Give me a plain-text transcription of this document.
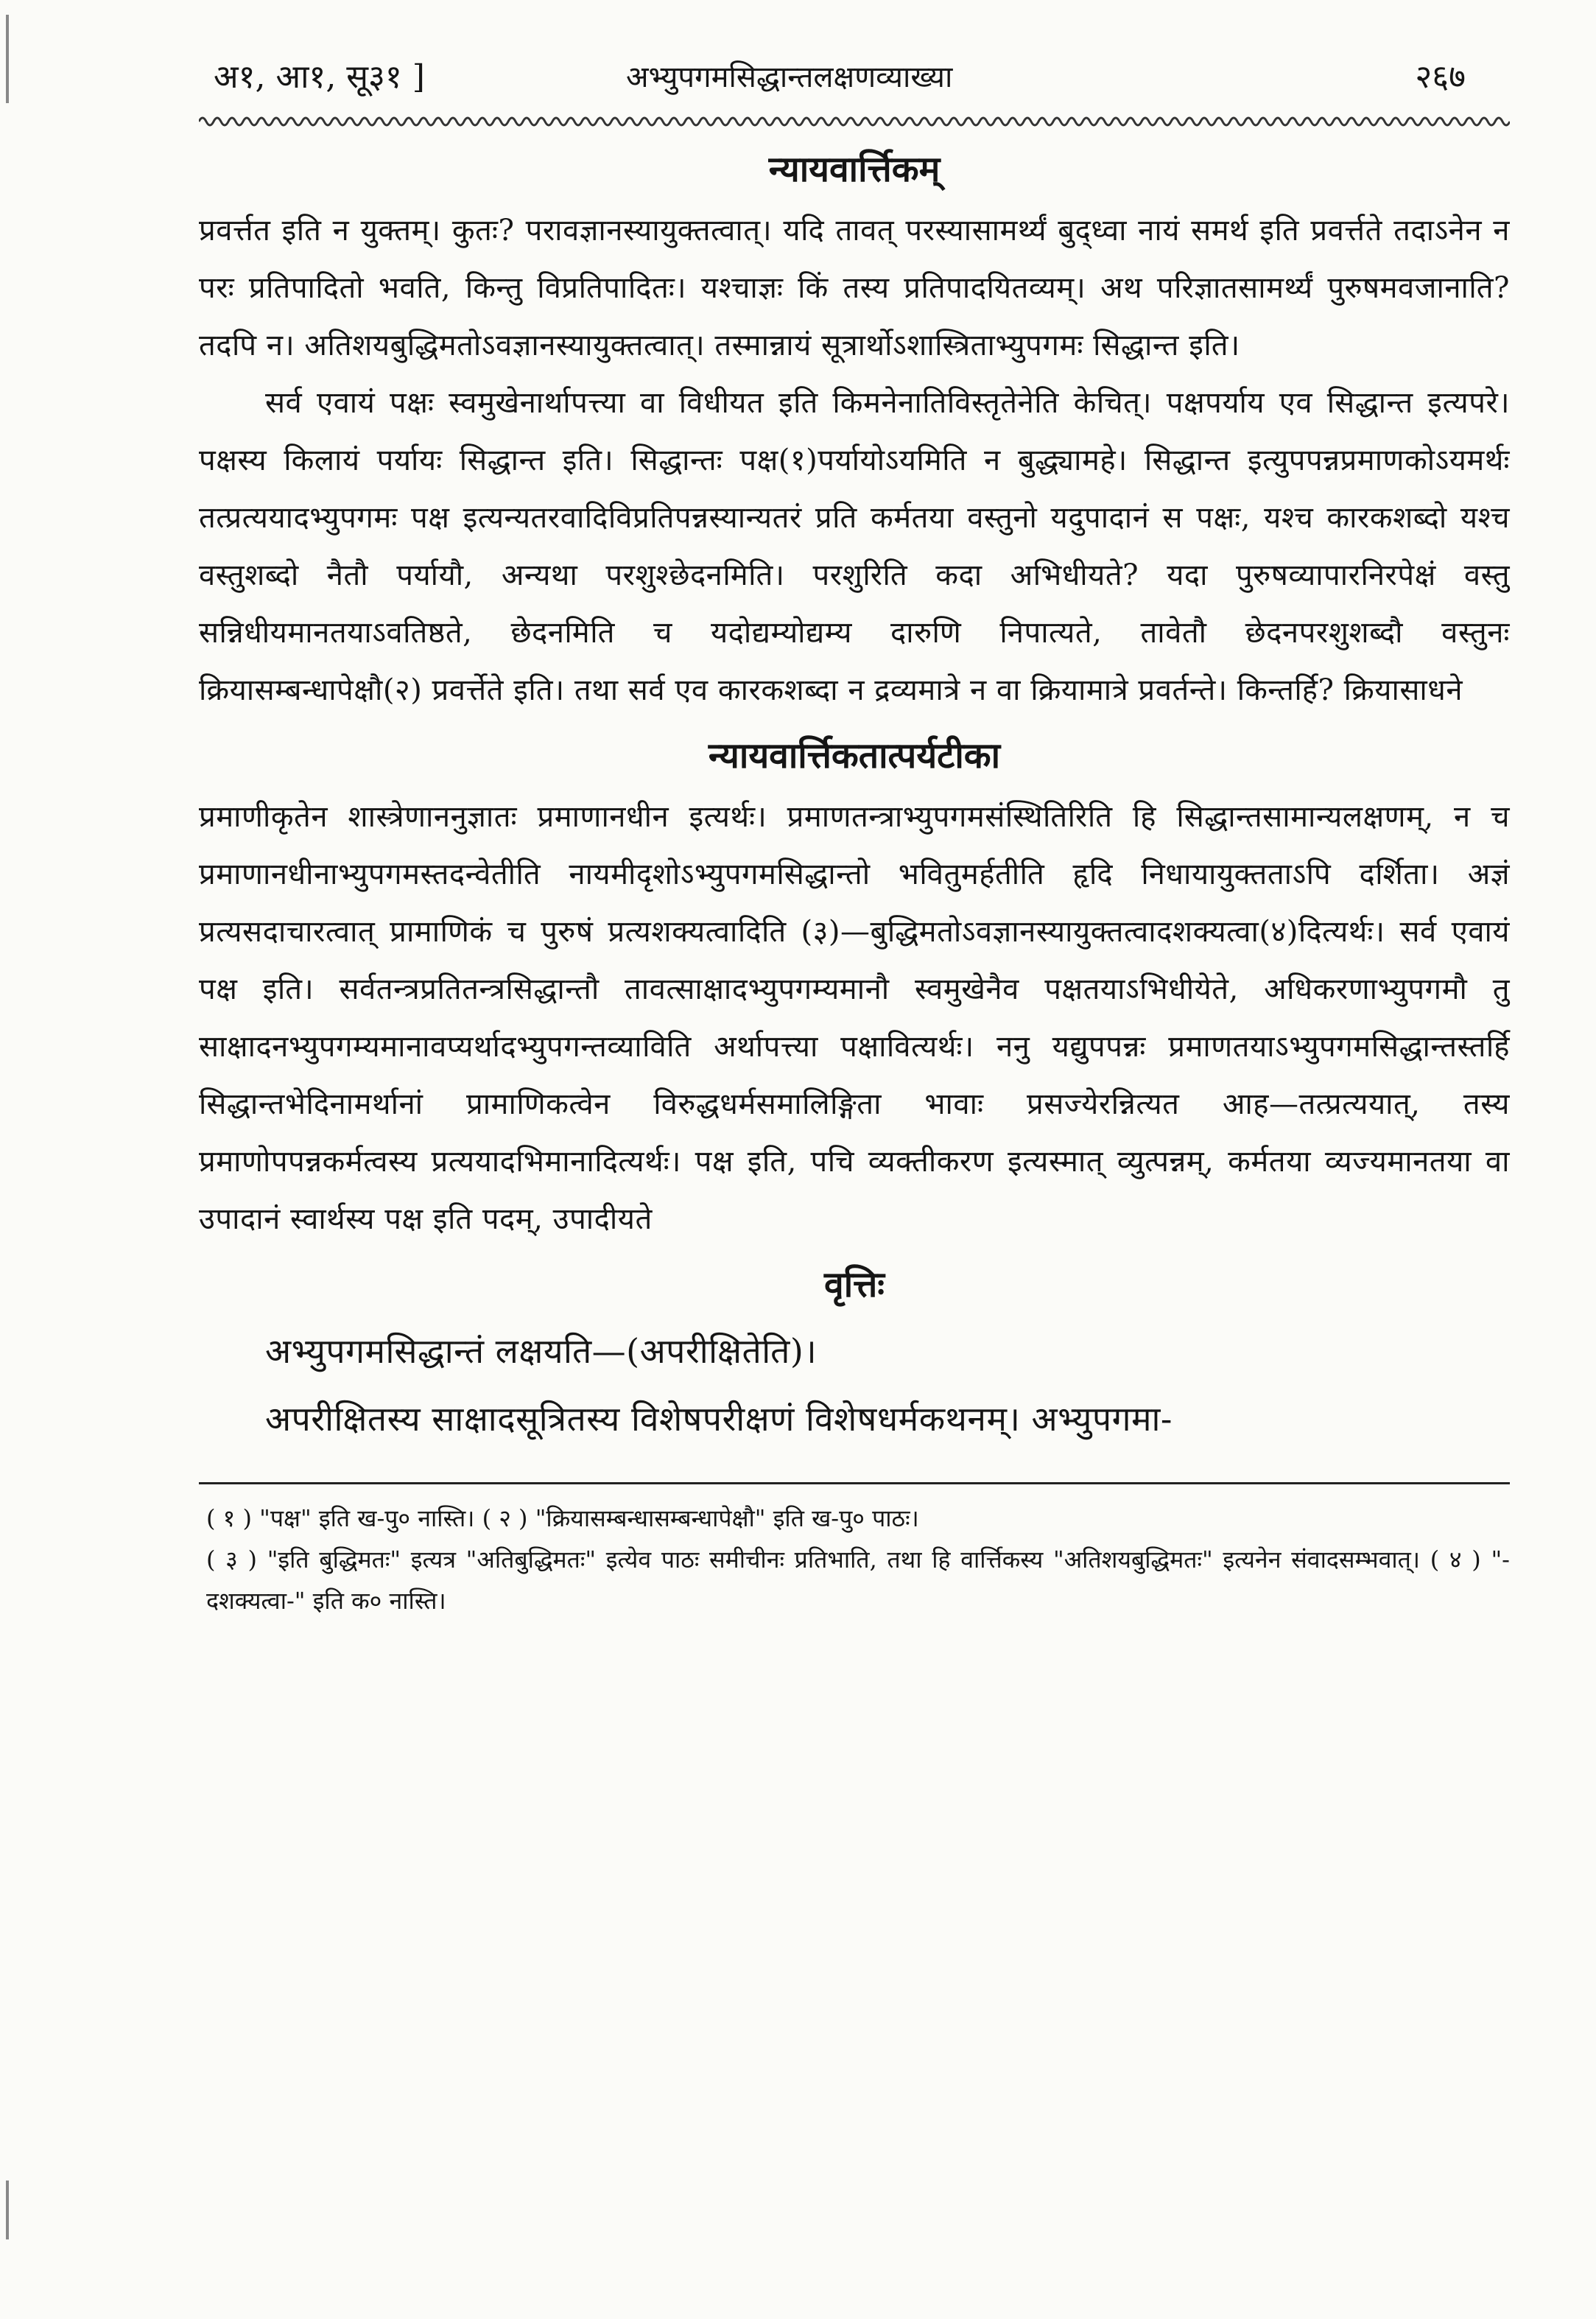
अ१, आ१, सू३१ ]	अभ्युपगमसिद्धान्तलक्षणव्याख्या	२६७
न्यायवार्त्तिकम्

प्रवर्त्तत इति न युक्तम्। कुतः? परावज्ञानस्यायुक्तत्वात्। यदि तावत् परस्यासामर्थ्यं बुद्ध्वा नायं समर्थ इति प्रवर्त्तते तदाऽनेन न परः प्रतिपादितो भवति, किन्तु विप्रतिपादितः। यश्चाज्ञः किं तस्य प्रतिपादयितव्यम्। अथ परिज्ञातसामर्थ्यं पुरुषमवजानाति? तदपि न। अतिशयबुद्धिमतोऽवज्ञानस्यायुक्तत्वात्। तस्मान्नायं सूत्रार्थोऽशास्त्रिताभ्युपगमः सिद्धान्त इति।

सर्व एवायं पक्षः स्वमुखेनार्थापत्त्या वा विधीयत इति किमनेनातिविस्तृतेनेति केचित्। पक्षपर्याय एव सिद्धान्त इत्यपरे। पक्षस्य किलायं पर्यायः सिद्धान्त इति। सिद्धान्तः पक्ष(१)पर्यायोऽयमिति न बुद्ध्यामहे। सिद्धान्त इत्युपपन्नप्रमाणकोऽयमर्थः तत्प्रत्ययादभ्युपगमः पक्ष इत्यन्यतरवादिविप्रतिपन्नस्यान्यतरं प्रति कर्मतया वस्तुनो यदुपादानं स पक्षः, यश्च कारकशब्दो यश्च वस्तुशब्दो नैतौ पर्यायौ, अन्यथा परशुश्छेदनमिति। परशुरिति कदा अभिधीयते? यदा पुरुषव्यापारनिरपेक्षं वस्तु सन्निधीयमानतयाऽवतिष्ठते, छेदनमिति च यदोद्यम्योद्यम्य दारुणि निपात्यते, तावेतौ छेदनपरशुशब्दौ वस्तुनः क्रियासम्बन्धापेक्षौ(२) प्रवर्त्तेते इति। तथा सर्व एव कारकशब्दा न द्रव्यमात्रे न वा क्रियामात्रे प्रवर्तन्ते। किन्तर्हि? क्रियासाधने

न्यायवार्त्तिकतात्पर्यटीका

प्रमाणीकृतेन शास्त्रेणाननुज्ञातः प्रमाणानधीन इत्यर्थः। प्रमाणतन्त्राभ्युपगमसंस्थितिरिति हि सिद्धान्तसामान्यलक्षणम्, न च प्रमाणानधीनाभ्युपगमस्तदन्वेतीति नायमीदृशोऽभ्युपगमसिद्धान्तो भवितुमर्हतीति हृदि निधायायुक्तताऽपि दर्शिता। अज्ञं प्रत्यसदाचारत्वात् प्रामाणिकं च पुरुषं प्रत्यशक्यत्वादिति (३)—बुद्धिमतोऽवज्ञानस्यायुक्तत्वादशक्यत्वा(४)दित्यर्थः। सर्व एवायं पक्ष इति। सर्वतन्त्रप्रतितन्त्रसिद्धान्तौ तावत्साक्षादभ्युपगम्यमानौ स्वमुखेनैव पक्षतयाऽभिधीयेते, अधिकरणाभ्युपगमौ तु साक्षादनभ्युपगम्यमानावप्यर्थादभ्युपगन्तव्याविति अर्थापत्त्या पक्षावित्यर्थः। ननु यद्युपपन्नः प्रमाणतयाऽभ्युपगमसिद्धान्तस्तर्हि सिद्धान्तभेदिनामर्थानां प्रामाणिकत्वेन विरुद्धधर्मसमालिङ्गिता भावाः प्रसज्येरन्नित्यत आह—तत्प्रत्ययात्, तस्य प्रमाणोपपन्नकर्मत्वस्य प्रत्ययादभिमानादित्यर्थः। पक्ष इति, पचि व्यक्तीकरण इत्यस्मात् व्युत्पन्नम्, कर्मतया व्यज्यमानतया वा उपादानं स्वार्थस्य पक्ष इति पदम्, उपादीयते

वृत्तिः

अभ्युपगमसिद्धान्तं लक्षयति—(अपरीक्षितेति)।

अपरीक्षितस्य साक्षादसूत्रितस्य विशेषपरीक्षणं विशेषधर्मकथनम्। अभ्युपगमा-

( १ ) "पक्ष" इति ख-पु० नास्ति। ( २ ) "क्रियासम्बन्धासम्बन्धापेक्षौ" इति ख-पु० पाठः।
( ३ ) "इति बुद्धिमतः" इत्यत्र "अतिबुद्धिमतः" इत्येव पाठः समीचीनः प्रतिभाति, तथा हि वार्त्तिकस्य "अतिशयबुद्धिमतः" इत्यनेन संवादसम्भवात्। ( ४ ) "-दशक्यत्वा-" इति क० नास्ति।
